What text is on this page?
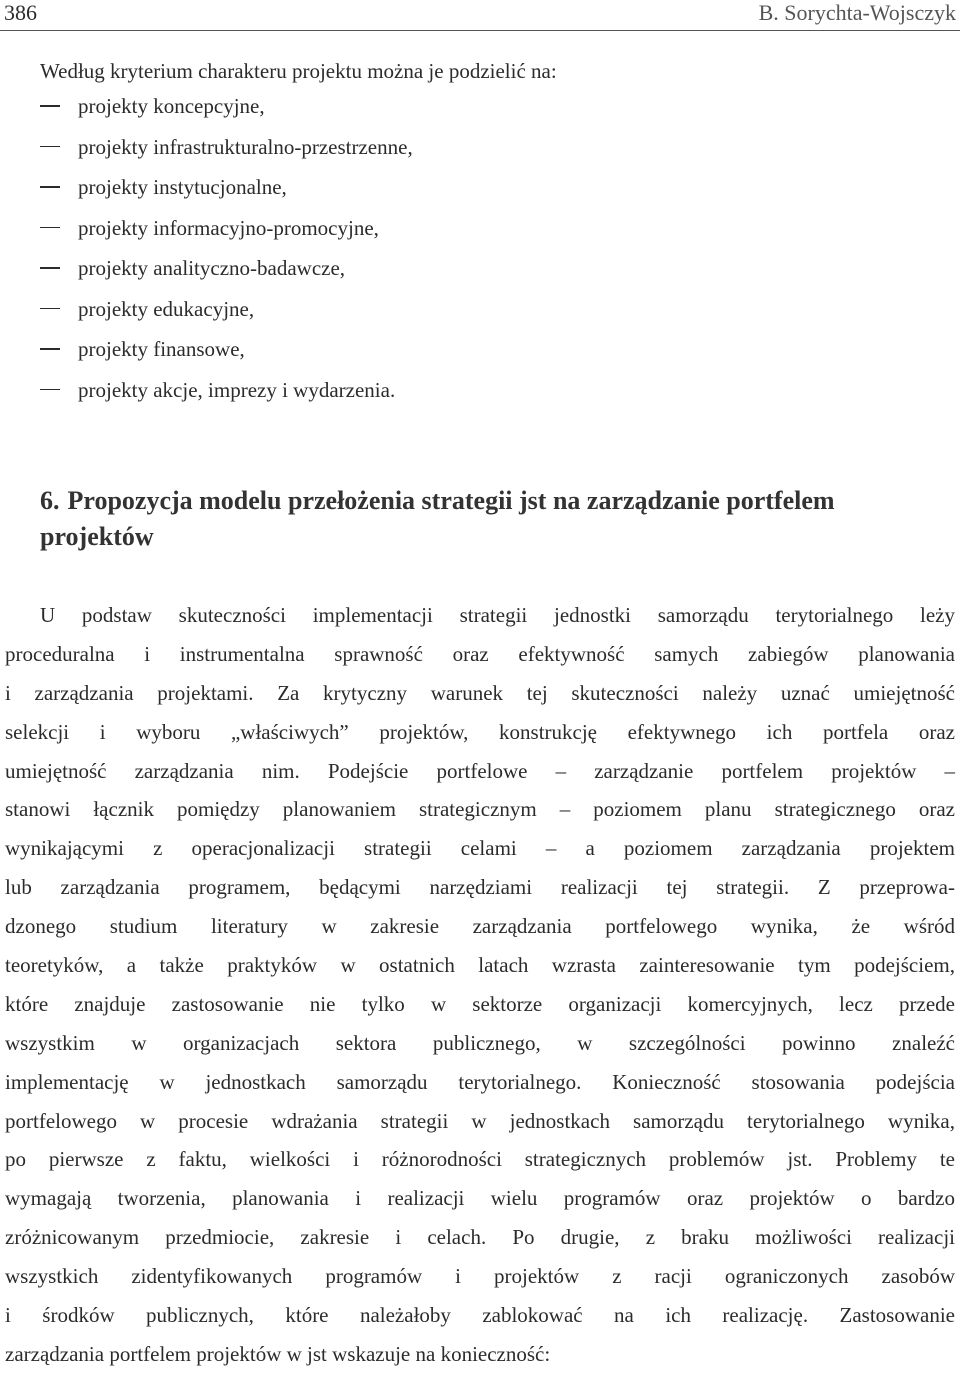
386	B. Sorychta-Wojsczyk

Według kryterium charakteru projektu można je podzielić na:

projekty koncepcyjne,
projekty infrastrukturalno-przestrzenne,
projekty instytucjonalne,
projekty informacyjno-promocyjne,
projekty analityczno-badawcze,
projekty edukacyjne,
projekty finansowe,
projekty akcje, imprezy i wydarzenia.
6. Propozycja modelu przełożenia strategii jst na zarządzanie portfelem
projektów

U podstaw skuteczności implementacji strategii jednostki samorządu terytorialnego leży
proceduralna i instrumentalna sprawność oraz efektywność samych zabiegów planowania
i zarządzania projektami. Za krytyczny warunek tej skuteczności należy uznać umiejętność
selekcji i wyboru „właściwych” projektów, konstrukcję efektywnego ich portfela oraz
umiejętność zarządzania nim. Podejście portfelowe – zarządzanie portfelem projektów –
stanowi łącznik pomiędzy planowaniem strategicznym – poziomem planu strategicznego oraz
wynikającymi z operacjonalizacji strategii celami – a poziomem zarządzania projektem
lub zarządzania programem, będącymi narzędziami realizacji tej strategii. Z przeprowa-
dzonego studium literatury w zakresie zarządzania portfelowego wynika, że wśród
teoretyków, a także praktyków w ostatnich latach wzrasta zainteresowanie tym podejściem,
które znajduje zastosowanie nie tylko w sektorze organizacji komercyjnych, lecz przede
wszystkim w organizacjach sektora publicznego, w szczególności powinno znaleźć
implementację w jednostkach samorządu terytorialnego. Konieczność stosowania podejścia
portfelowego w procesie wdrażania strategii w jednostkach samorządu terytorialnego wynika,
po pierwsze z faktu, wielkości i różnorodności strategicznych problemów jst. Problemy te
wymagają tworzenia, planowania i realizacji wielu programów oraz projektów o bardzo
zróżnicowanym przedmiocie, zakresie i celach. Po drugie, z braku możliwości realizacji
wszystkich zidentyfikowanych programów i projektów z racji ograniczonych zasobów
i środków publicznych, które należałoby zablokować na ich realizację. Zastosowanie
zarządzania portfelem projektów w jst wskazuje na konieczność:
